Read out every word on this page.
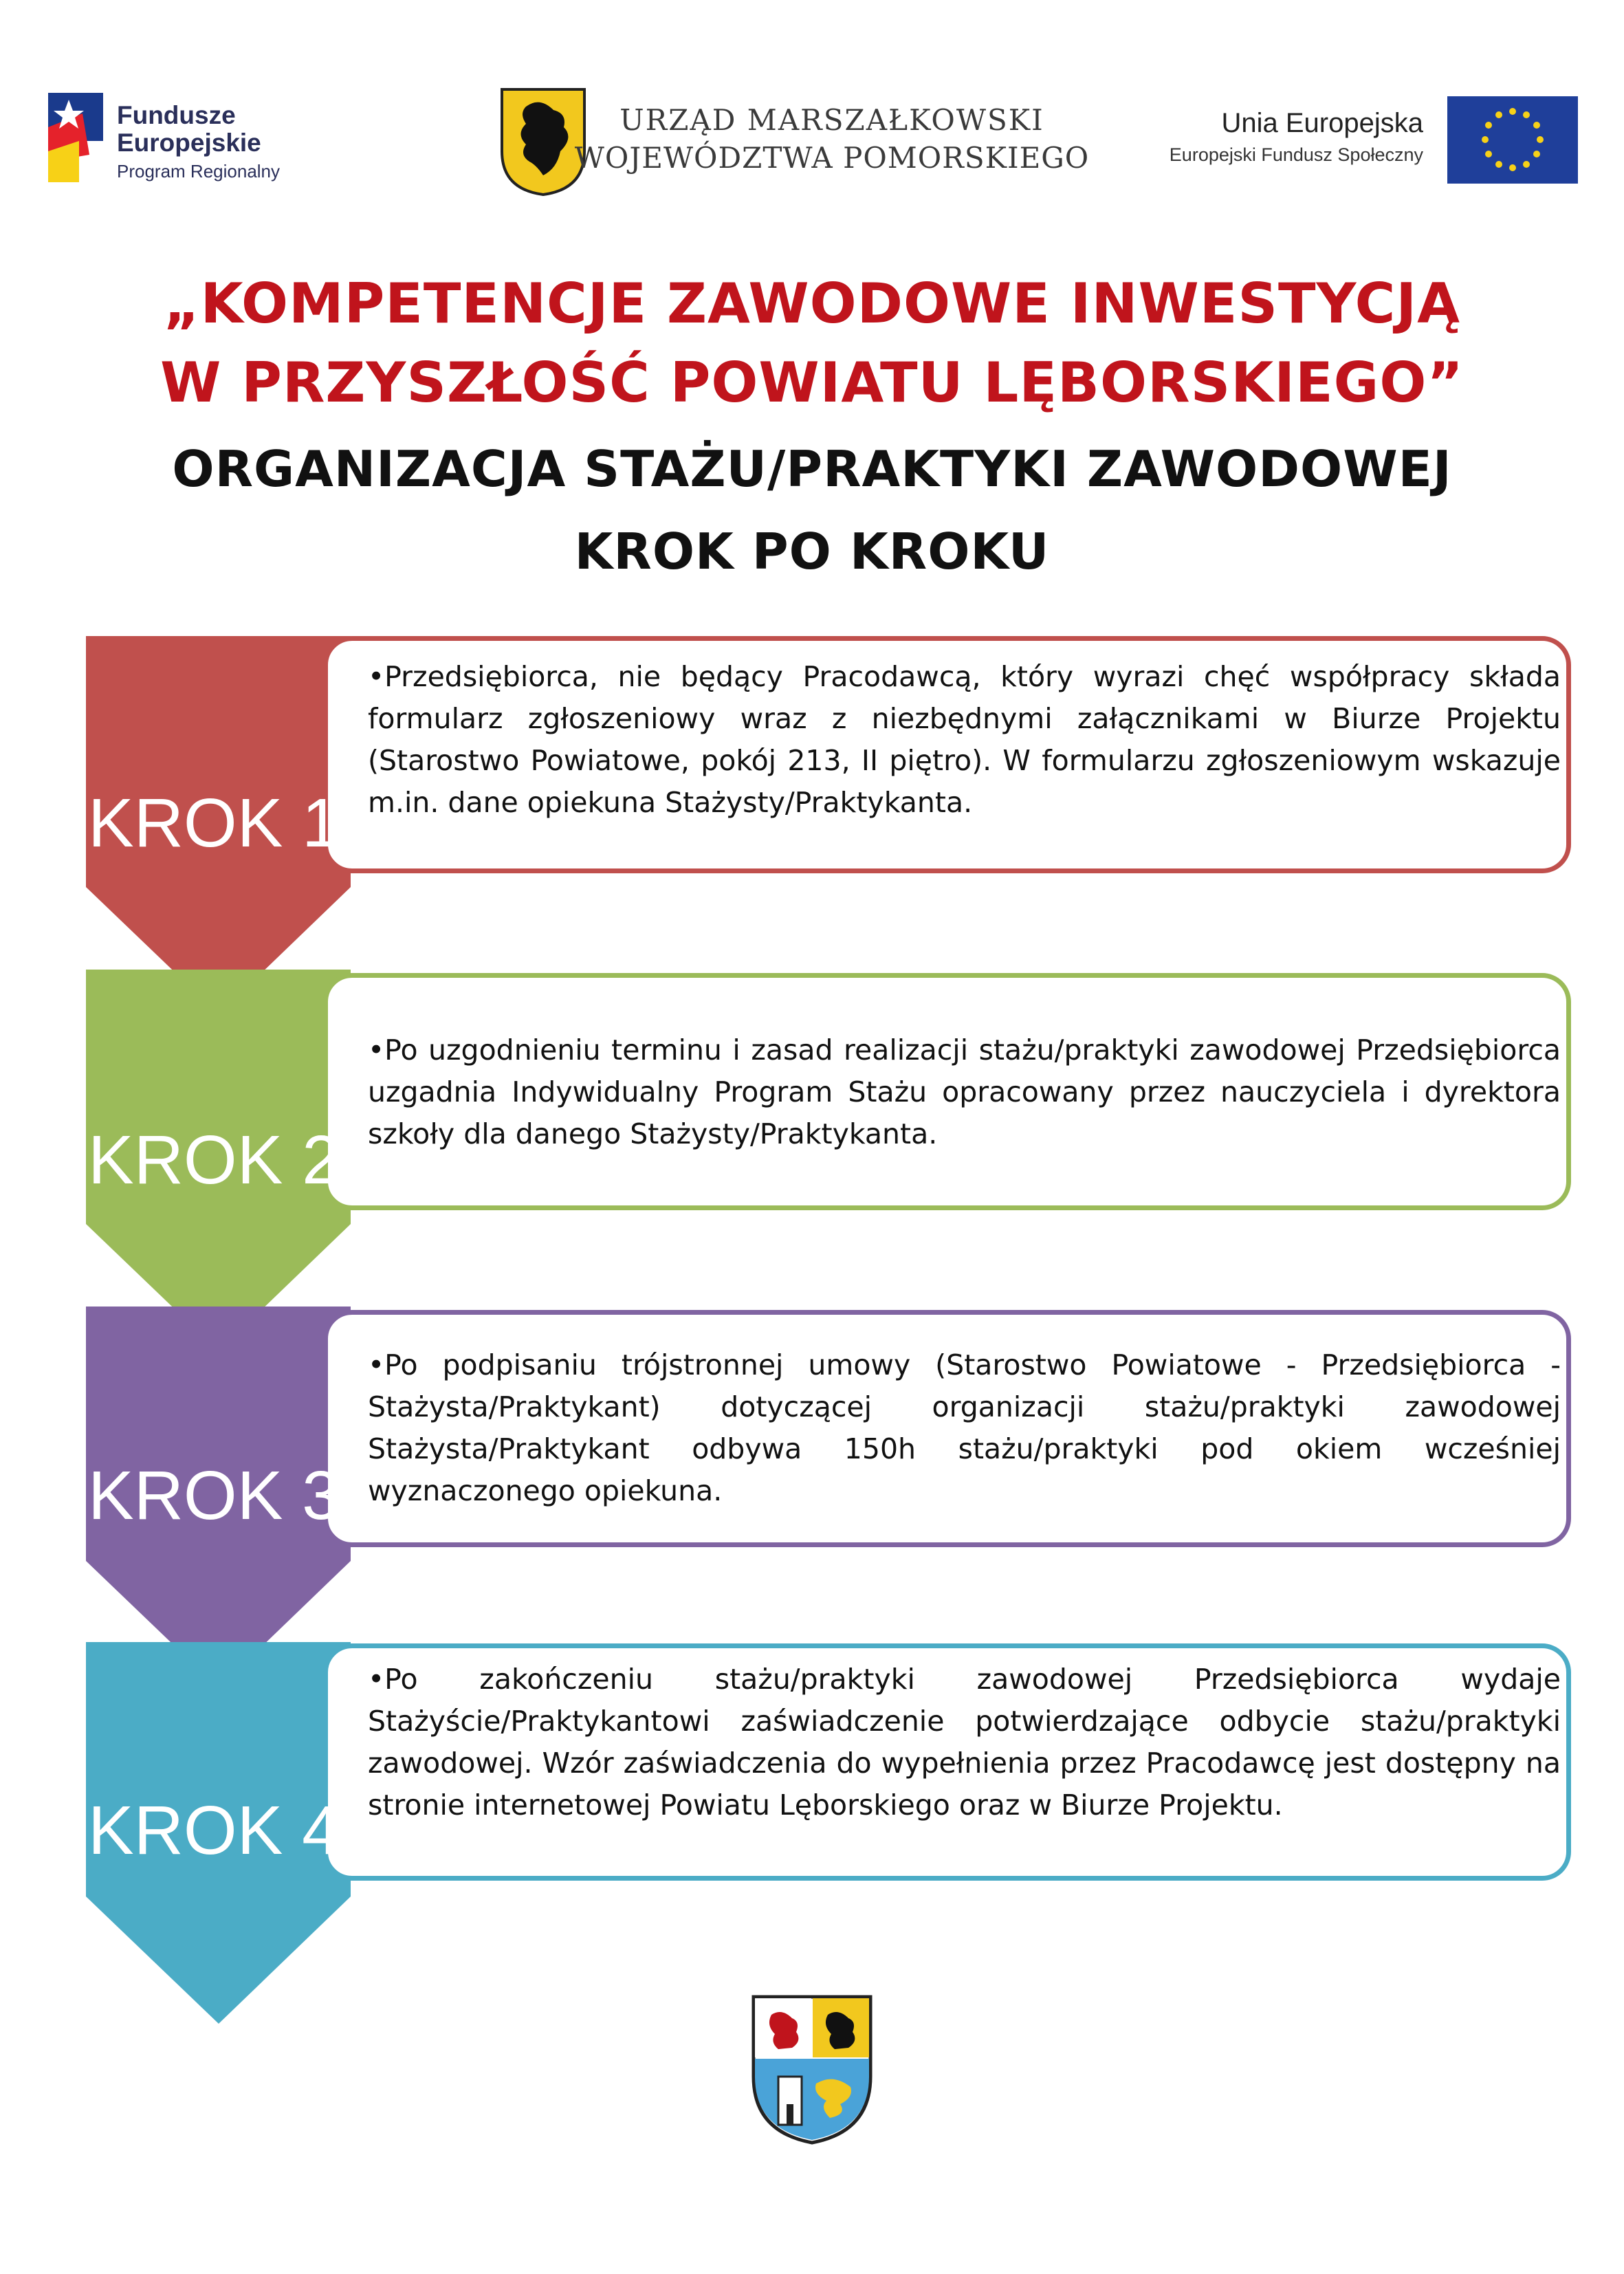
Fundusze
Europejskie
Program Regionalny
URZĄD MARSZAŁKOWSKI
WOJEWÓDZTWA POMORSKIEGO
Unia Europejska
Europejski Fundusz Społeczny
„KOMPETENCJE ZAWODOWE INWESTYCJĄ
W PRZYSZŁOŚĆ POWIATU LĘBORSKIEGO”
ORGANIZACJA STAŻU/PRAKTYKI ZAWODOWEJ
KROK PO KROKU
KROK 1
KROK 2
KROK 3
KROK 4
•Przedsiębiorca, nie będący Pracodawcą, który wyrazi chęć współpracy składa formularz zgłoszeniowy wraz z niezbędnymi załącznikami w Biurze Projektu (Starostwo Powiatowe, pokój 213, II piętro). W formularzu zgłoszeniowym wskazuje m.in. dane opiekuna Stażysty/Praktykanta.
•Po uzgodnieniu terminu i zasad realizacji stażu/praktyki zawodowej Przedsiębiorca uzgadnia Indywidualny Program Stażu opracowany przez nauczyciela i dyrektora szkoły dla danego Stażysty/Praktykanta.
•Po podpisaniu trójstronnej umowy (Starostwo Powiatowe - Przedsiębiorca - Stażysta/Praktykant) dotyczącej organizacji stażu/praktyki zawodowej Stażysta/Praktykant odbywa 150h stażu/praktyki pod okiem wcześniej wyznaczonego opiekuna.
•Po zakończeniu stażu/praktyki zawodowej Przedsiębiorca wydaje Stażyście/Praktykantowi zaświadczenie potwierdzające odbycie stażu/praktyki zawodowej. Wzór zaświadczenia do wypełnienia przez Pracodawcę jest dostępny na stronie internetowej Powiatu Lęborskiego oraz w Biurze Projektu.
